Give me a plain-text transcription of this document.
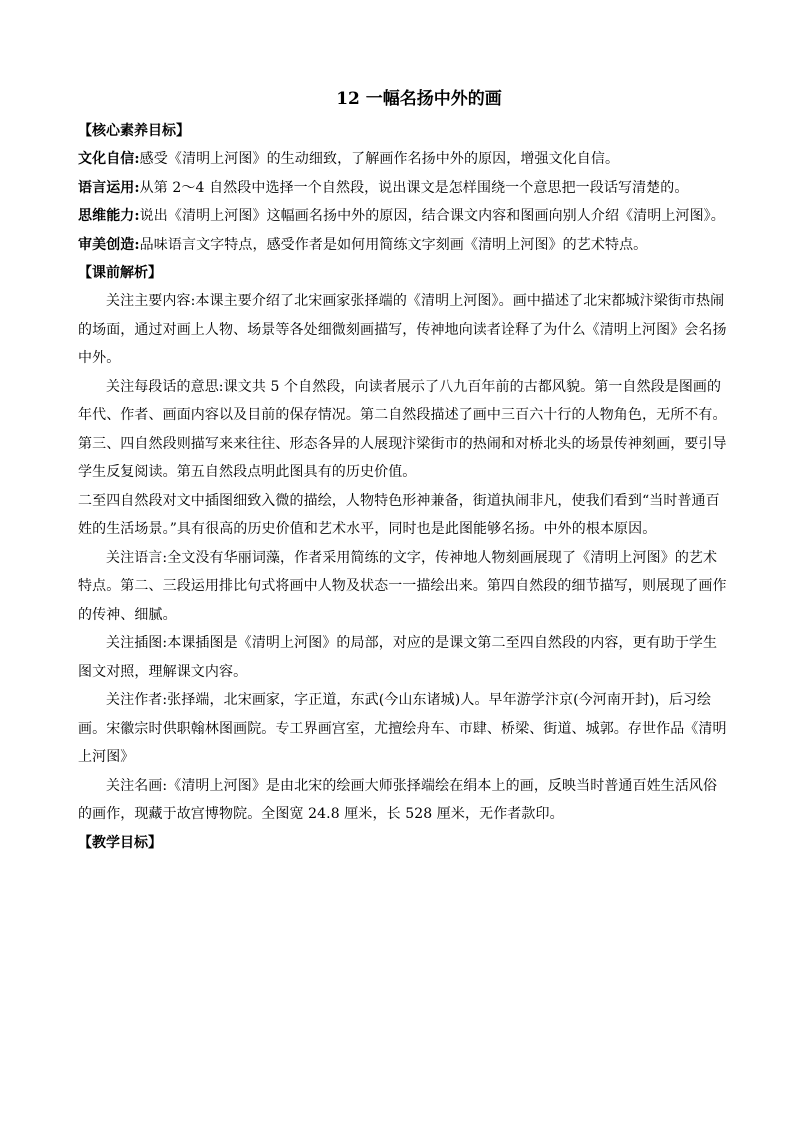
12 一幅名扬中外的画
【核心素养目标】

文化自信:感受《清明上河图》的生动细致，了解画作名扬中外的原因，增强文化自信。

语言运用:从第 2～4 自然段中选择一个自然段，说出课文是怎样围绕一个意思把一段话写清楚的。

思维能力:说出《清明上河图》这幅画名扬中外的原因，结合课文内容和图画向别人介绍《清明上河图》。

审美创造:品味语言文字特点，感受作者是如何用简练文字刻画《清明上河图》的艺术特点。

【课前解析】

关注主要内容:本课主要介绍了北宋画家张择端的《清明上河图》。画中描述了北宋都城汴梁街市热闹的场面，通过对画上人物、场景等各处细微刻画描写，传神地向读者诠释了为什么《清明上河图》会名扬中外。

关注每段话的意思:课文共 5 个自然段，向读者展示了八九百年前的古都风貌。第一自然段是图画的年代、作者、画面内容以及目前的保存情况。第二自然段描述了画中三百六十行的人物角色，无所不有。第三、四自然段则描写来来往往、形态各异的人展现汴梁街市的热闹和对桥北头的场景传神刻画，要引导学生反复阅读。第五自然段点明此图具有的历史价值。

二至四自然段对文中插图细致入微的描绘，人物特色形神兼备，街道执闹非凡，使我们看到“当时普通百姓的生活场景。”具有很高的历史价值和艺术水平，同时也是此图能够名扬。中外的根本原因。

关注语言:全文没有华丽词藻，作者采用简练的文字，传神地人物刻画展现了《清明上河图》的艺术特点。第二、三段运用排比句式将画中人物及状态一一描绘出来。第四自然段的细节描写，则展现了画作的传神、细腻。

关注插图:本课插图是《清明上河图》的局部，对应的是课文第二至四自然段的内容，更有助于学生图文对照，理解课文内容。

关注作者:张择端，北宋画家，字正道，东武(今山东诸城)人。早年游学汴京(今河南开封)，后习绘画。宋徽宗时供职翰林图画院。专工界画宫室，尤擅绘舟车、市肆、桥梁、街道、城郭。存世作品《清明上河图》

关注名画:《清明上河图》是由北宋的绘画大师张择端绘在绢本上的画，反映当时普通百姓生活风俗的画作，现藏于故宫博物院。全图宽 24.8 厘米，长 528 厘米，无作者款印。

【教学目标】
